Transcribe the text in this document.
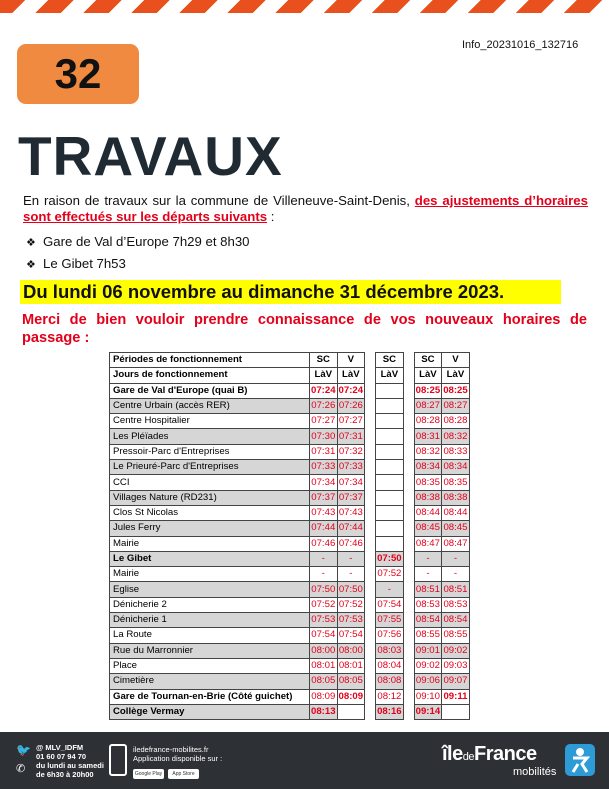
32
Info_20231016_132716
TRAVAUX
En raison de travaux sur la commune de Villeneuve-Saint-Denis, des ajustements d’horaires sont effectués sur les départs suivants :
❖ Gare de Val d’Europe 7h29 et 8h30
❖ Le Gibet 7h53
Du lundi 06 novembre au dimanche 31 décembre 2023.
Merci de bien vouloir prendre connaissance de vos nouveaux horaires de passage :
Périodes de fonctionnement	SC	V		SC		SC	V
Jours de fonctionnement	LàV	LàV		LàV		LàV	LàV
Gare de Val d'Europe (quai B)	07:24	07:24				08:25	08:25
Centre Urbain (accès RER)	07:26	07:26				08:27	08:27
Centre Hospitalier	07:27	07:27				08:28	08:28
Les Pléïades	07:30	07:31				08:31	08:32
Pressoir-Parc d'Entreprises	07:31	07:32				08:32	08:33
Le Prieuré-Parc d'Entreprises	07:33	07:33				08:34	08:34
CCI	07:34	07:34				08:35	08:35
Villages Nature (RD231)	07:37	07:37				08:38	08:38
Clos St Nicolas	07:43	07:43				08:44	08:44
Jules Ferry	07:44	07:44				08:45	08:45
Mairie	07:46	07:46				08:47	08:47
Le Gibet	-	-		07:50		-	-
Mairie	-	-		07:52		-	-
Eglise	07:50	07:50		-		08:51	08:51
Dénicherie 2	07:52	07:52		07:54		08:53	08:53
Dénicherie 1	07:53	07:53		07:55		08:54	08:54
La Route	07:54	07:54		07:56		08:55	08:55
Rue du Marronnier	08:00	08:00		08:03		09:01	09:02
Place	08:01	08:01		08:04		09:02	09:03
Cimetière	08:05	08:05		08:08		09:06	09:07
Gare de Tournan-en-Brie (Côté guichet)	08:09	08:09		08:12		09:10	09:11
Collège Vermay	08:13			08:16		09:14	
🐦
✆
@ MLV_IDFM
01 60 07 94 70
du lundi au samedi
de 6h30 à 20h00
iledefrance-mobilites.fr
Application disponible sur :
Google Play	App Store
îledeFrance
mobilités
